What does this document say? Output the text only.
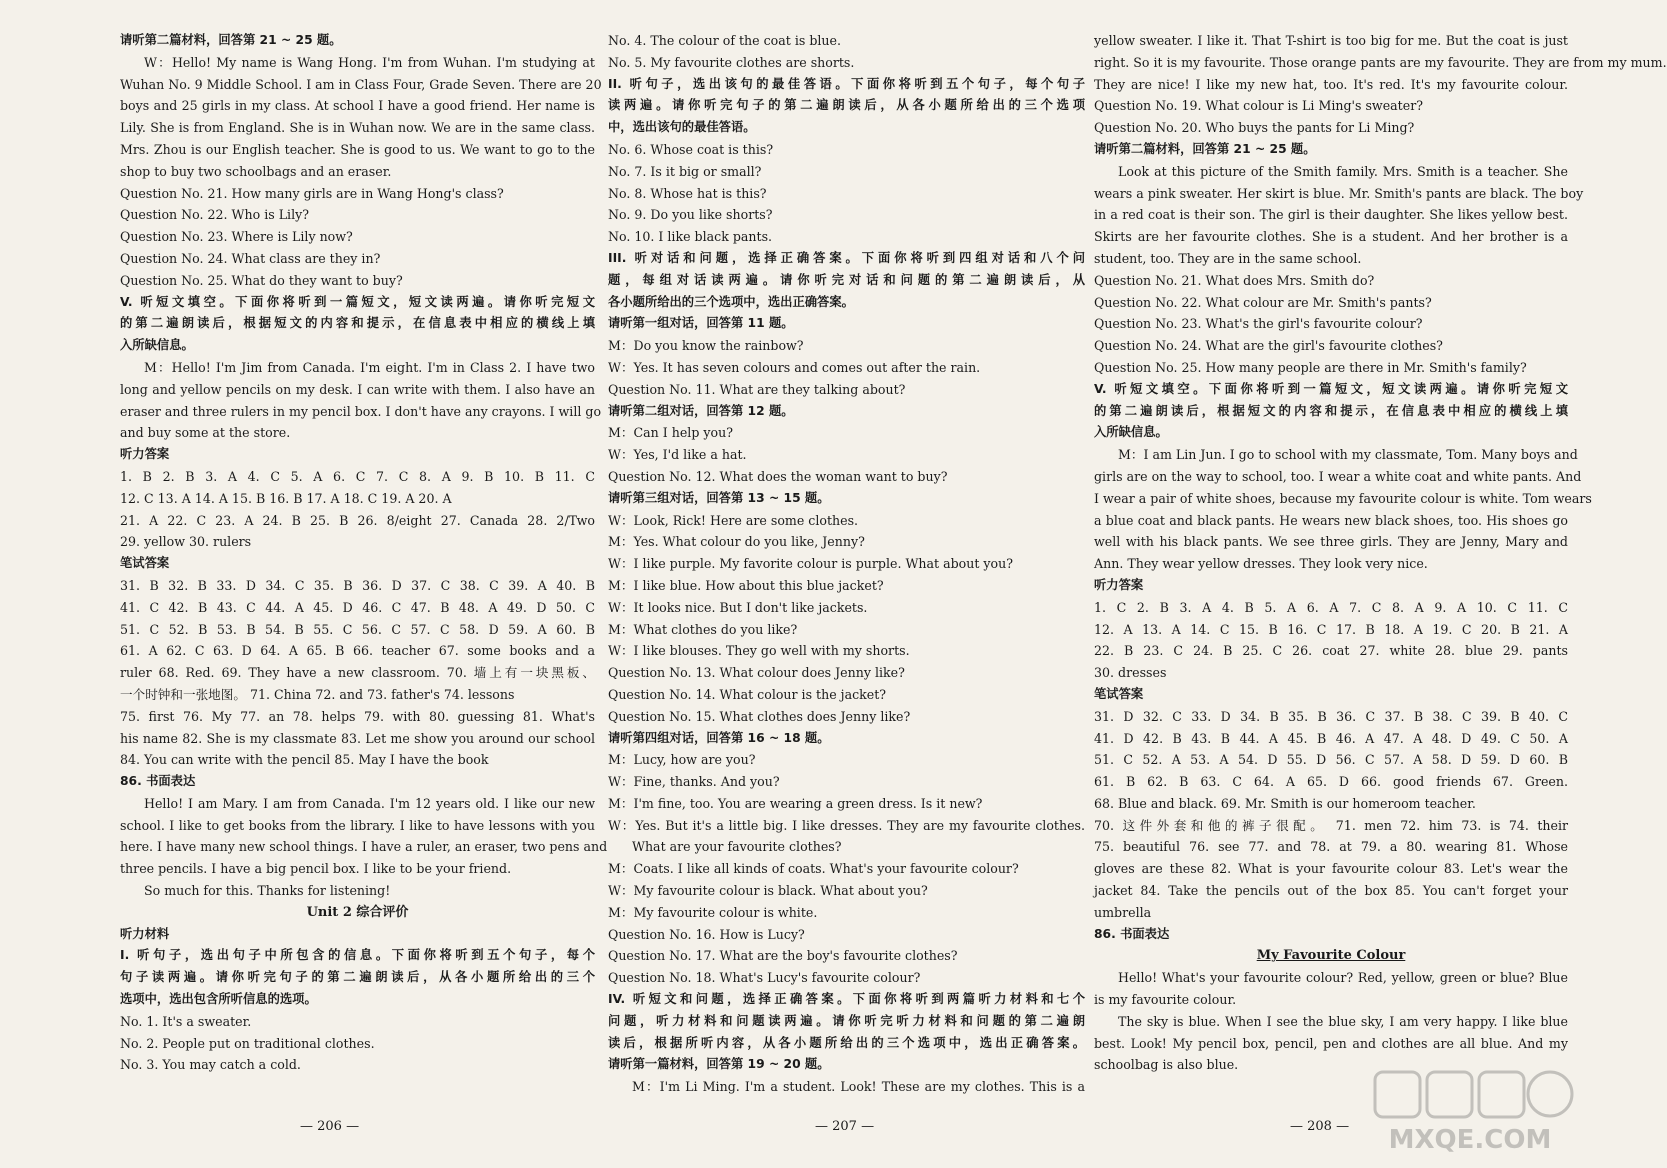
请听第二篇材料，回答第 21 ~ 25 题。
W：Hello! My name is Wang Hong. I'm from Wuhan. I'm studying at
Wuhan No. 9 Middle School. I am in Class Four, Grade Seven. There are 20
boys and 25 girls in my class. At school I have a good friend. Her name is
Lily. She is from England. She is in Wuhan now. We are in the same class.
Mrs. Zhou is our English teacher. She is good to us. We want to go to the
shop to buy two schoolbags and an eraser.
Question No. 21. How many girls are in Wang Hong's class?
Question No. 22. Who is Lily?
Question No. 23. Where is Lily now?
Question No. 24. What class are they in?
Question No. 25. What do they want to buy?
V. 听短文填空。下面你将听到一篇短文，短文读两遍。请你听完短文
的第二遍朗读后，根据短文的内容和提示，在信息表中相应的横线上填
入所缺信息。
M：Hello! I'm Jim from Canada. I'm eight. I'm in Class 2. I have two
long and yellow pencils on my desk. I can write with them. I also have an
eraser and three rulers in my pencil box. I don't have any crayons. I will go
and buy some at the store.
听力答案
1. B 2. B 3. A 4. C 5. A 6. C 7. C 8. A 9. B 10. B 11. C
12. C 13. A 14. A 15. B 16. B 17. A 18. C 19. A 20. A
21. A 22. C 23. A 24. B 25. B 26. 8/eight 27. Canada 28. 2/Two
29. yellow 30. rulers
笔试答案
31. B 32. B 33. D 34. C 35. B 36. D 37. C 38. C 39. A 40. B
41. C 42. B 43. C 44. A 45. D 46. C 47. B 48. A 49. D 50. C
51. C 52. B 53. B 54. B 55. C 56. C 57. C 58. D 59. A 60. B
61. A 62. C 63. D 64. A 65. B 66. teacher 67. some books and a
ruler 68. Red. 69. They have a new classroom. 70. 墙上有一块黑板、
一个时钟和一张地图。 71. China 72. and 73. father's 74. lessons
75. first 76. My 77. an 78. helps 79. with 80. guessing 81. What's
his name 82. She is my classmate 83. Let me show you around our school
84. You can write with the pencil 85. May I have the book
86. 书面表达
Hello! I am Mary. I am from Canada. I'm 12 years old. I like our new
school. I like to get books from the library. I like to have lessons with you
here. I have many new school things. I have a ruler, an eraser, two pens and
three pencils. I have a big pencil box. I like to be your friend.
So much for this. Thanks for listening!
Unit 2 综合评价
听力材料
I. 听句子，选出句子中所包含的信息。下面你将听到五个句子，每个
句子读两遍。请你听完句子的第二遍朗读后，从各小题所给出的三个
选项中，选出包含所听信息的选项。
No. 1. It's a sweater.
No. 2. People put on traditional clothes.
No. 3. You may catch a cold.
No. 4. The colour of the coat is blue.
No. 5. My favourite clothes are shorts.
II. 听句子，选出该句的最佳答语。下面你将听到五个句子，每个句子
读两遍。请你听完句子的第二遍朗读后，从各小题所给出的三个选项
中，选出该句的最佳答语。
No. 6. Whose coat is this?
No. 7. Is it big or small?
No. 8. Whose hat is this?
No. 9. Do you like shorts?
No. 10. I like black pants.
III. 听对话和问题，选择正确答案。下面你将听到四组对话和八个问
题，每组对话读两遍。请你听完对话和问题的第二遍朗读后，从
各小题所给出的三个选项中，选出正确答案。
请听第一组对话，回答第 11 题。
M：Do you know the rainbow?
W：Yes. It has seven colours and comes out after the rain.
Question No. 11. What are they talking about?
请听第二组对话，回答第 12 题。
M：Can I help you?
W：Yes, I'd like a hat.
Question No. 12. What does the woman want to buy?
请听第三组对话，回答第 13 ~ 15 题。
W：Look, Rick! Here are some clothes.
M：Yes. What colour do you like, Jenny?
W：I like purple. My favorite colour is purple. What about you?
M：I like blue. How about this blue jacket?
W：It looks nice. But I don't like jackets.
M：What clothes do you like?
W：I like blouses. They go well with my shorts.
Question No. 13. What colour does Jenny like?
Question No. 14. What colour is the jacket?
Question No. 15. What clothes does Jenny like?
请听第四组对话，回答第 16 ~ 18 题。
M：Lucy, how are you?
W：Fine, thanks. And you?
M：I'm fine, too. You are wearing a green dress. Is it new?
W：Yes. But it's a little big. I like dresses. They are my favourite clothes.
What are your favourite clothes?
M：Coats. I like all kinds of coats. What's your favourite colour?
W：My favourite colour is black. What about you?
M：My favourite colour is white.
Question No. 16. How is Lucy?
Question No. 17. What are the boy's favourite clothes?
Question No. 18. What's Lucy's favourite colour?
IV. 听短文和问题，选择正确答案。下面你将听到两篇听力材料和七个
问题，听力材料和问题读两遍。请你听完听力材料和问题的第二遍朗
读后，根据所听内容，从各小题所给出的三个选项中，选出正确答案。
请听第一篇材料，回答第 19 ~ 20 题。
M：I'm Li Ming. I'm a student. Look! These are my clothes. This is a
yellow sweater. I like it. That T-shirt is too big for me. But the coat is just
right. So it is my favourite. Those orange pants are my favourite. They are from my mum.
They are nice! I like my new hat, too. It's red. It's my favourite colour.
Question No. 19. What colour is Li Ming's sweater?
Question No. 20. Who buys the pants for Li Ming?
请听第二篇材料，回答第 21 ~ 25 题。
Look at this picture of the Smith family. Mrs. Smith is a teacher. She
wears a pink sweater. Her skirt is blue. Mr. Smith's pants are black. The boy
in a red coat is their son. The girl is their daughter. She likes yellow best.
Skirts are her favourite clothes. She is a student. And her brother is a
student, too. They are in the same school.
Question No. 21. What does Mrs. Smith do?
Question No. 22. What colour are Mr. Smith's pants?
Question No. 23. What's the girl's favourite colour?
Question No. 24. What are the girl's favourite clothes?
Question No. 25. How many people are there in Mr. Smith's family?
V. 听短文填空。下面你将听到一篇短文，短文读两遍。请你听完短文
的第二遍朗读后，根据短文的内容和提示，在信息表中相应的横线上填
入所缺信息。
M：I am Lin Jun. I go to school with my classmate, Tom. Many boys and
girls are on the way to school, too. I wear a white coat and white pants. And
I wear a pair of white shoes, because my favourite colour is white. Tom wears
a blue coat and black pants. He wears new black shoes, too. His shoes go
well with his black pants. We see three girls. They are Jenny, Mary and
Ann. They wear yellow dresses. They look very nice.
听力答案
1. C 2. B 3. A 4. B 5. A 6. A 7. C 8. A 9. A 10. C 11. C
12. A 13. A 14. C 15. B 16. C 17. B 18. A 19. C 20. B 21. A
22. B 23. C 24. B 25. C 26. coat 27. white 28. blue 29. pants
30. dresses
笔试答案
31. D 32. C 33. D 34. B 35. B 36. C 37. B 38. C 39. B 40. C
41. D 42. B 43. B 44. A 45. B 46. A 47. A 48. D 49. C 50. A
51. C 52. A 53. A 54. D 55. D 56. C 57. A 58. D 59. D 60. B
61. B 62. B 63. C 64. A 65. D 66. good friends 67. Green.
68. Blue and black. 69. Mr. Smith is our homeroom teacher.
70. 这件外套和他的裤子很配。 71. men 72. him 73. is 74. their
75. beautiful 76. see 77. and 78. at 79. a 80. wearing 81. Whose
gloves are these 82. What is your favourite colour 83. Let's wear the
jacket 84. Take the pencils out of the box 85. You can't forget your
umbrella
86. 书面表达
My Favourite Colour
Hello! What's your favourite colour? Red, yellow, green or blue? Blue
is my favourite colour.
The sky is blue. When I see the blue sky, I am very happy. I like blue
best. Look! My pencil box, pencil, pen and clothes are all blue. And my
schoolbag is also blue.
— 206 —	— 207 —	— 208 — MXQE.COM
